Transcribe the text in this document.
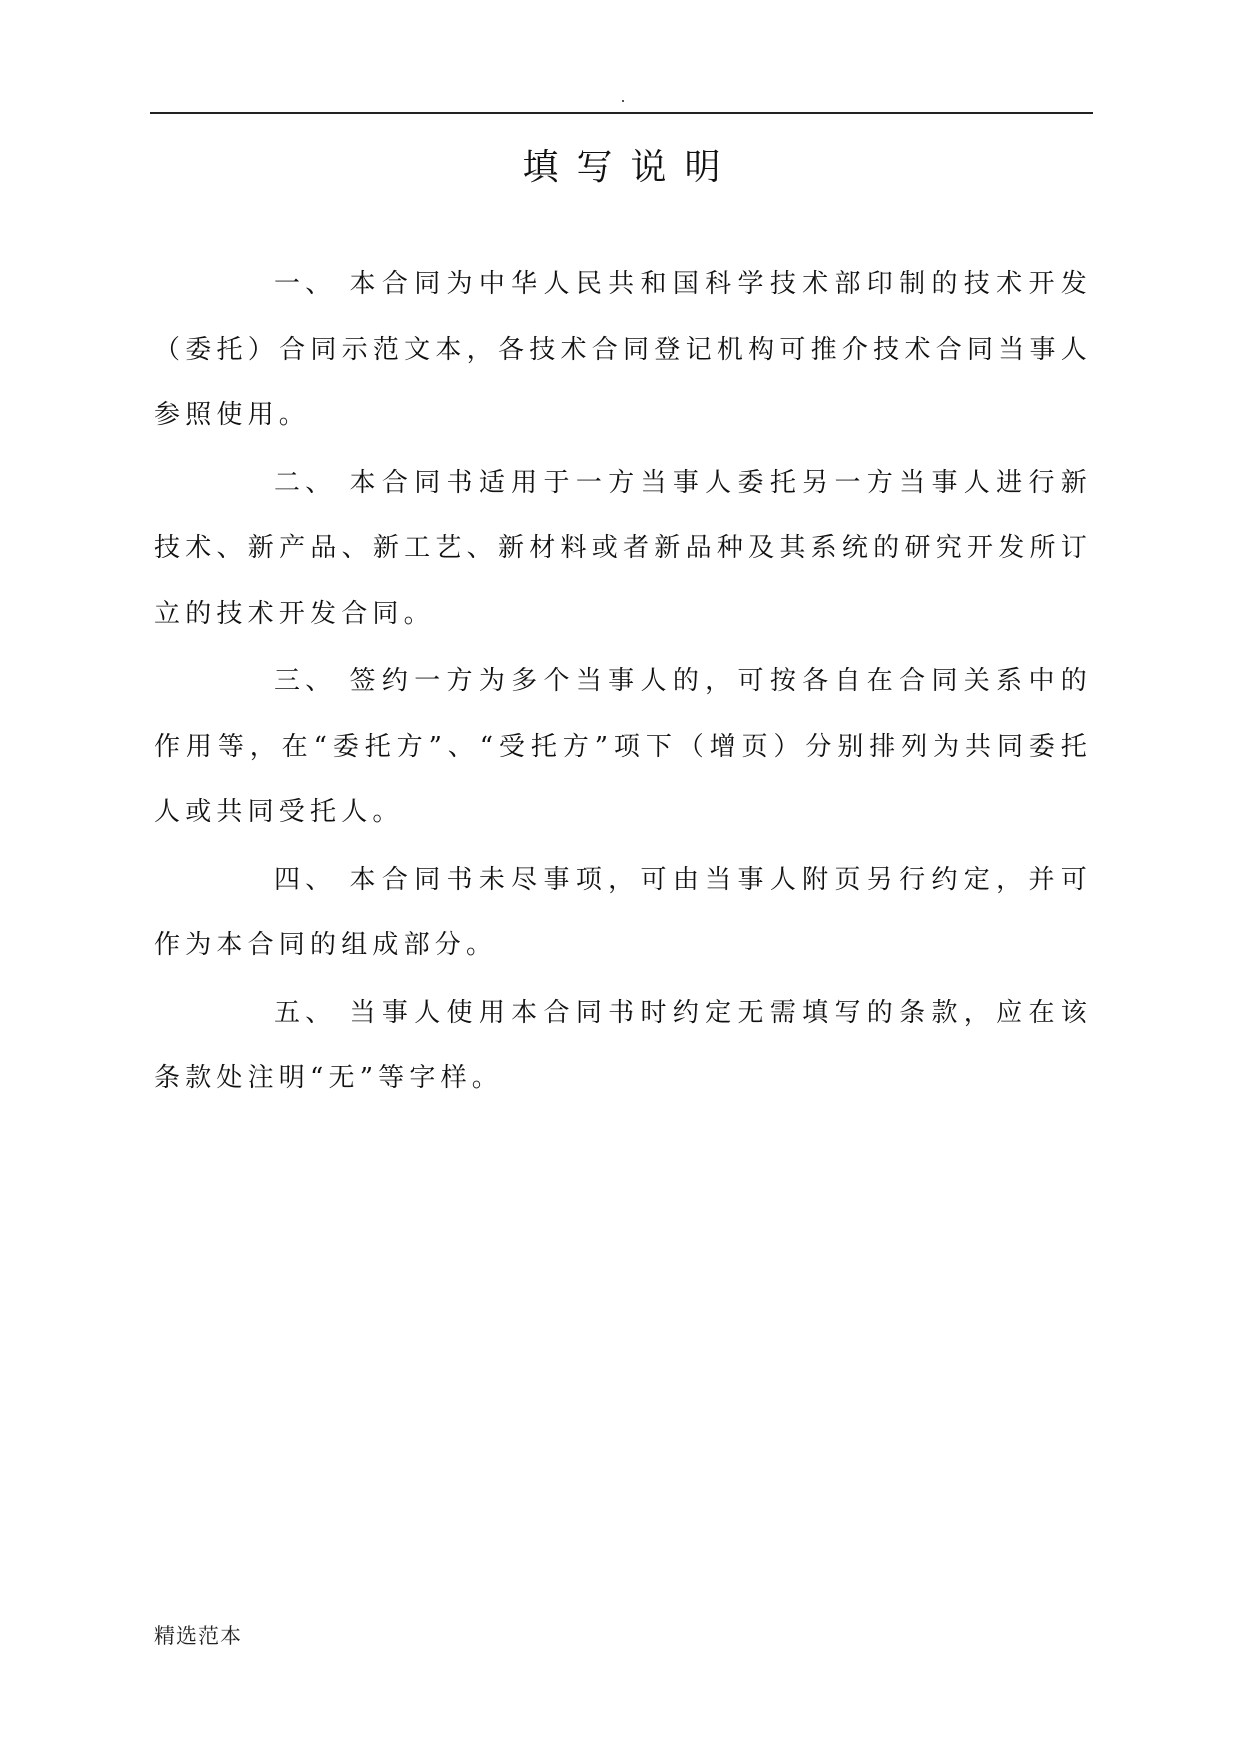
填写说明

一、 本合同为中华人民共和国科学技术部印制的技术开发（委托）合同示范文本，各技术合同登记机构可推介技术合同当事人参照使用。

二、 本合同书适用于一方当事人委托另一方当事人进行新技术、新产品、新工艺、新材料或者新品种及其系统的研究开发所订立的技术开发合同。

三、 签约一方为多个当事人的，可按各自在合同关系中的作用等，在“委托方”、“受托方”项下（增页）分别排列为共同委托人或共同受托人。

四、 本合同书未尽事项，可由当事人附页另行约定，并可作为本合同的组成部分。

五、 当事人使用本合同书时约定无需填写的条款，应在该条款处注明“无”等字样。

精选范本
